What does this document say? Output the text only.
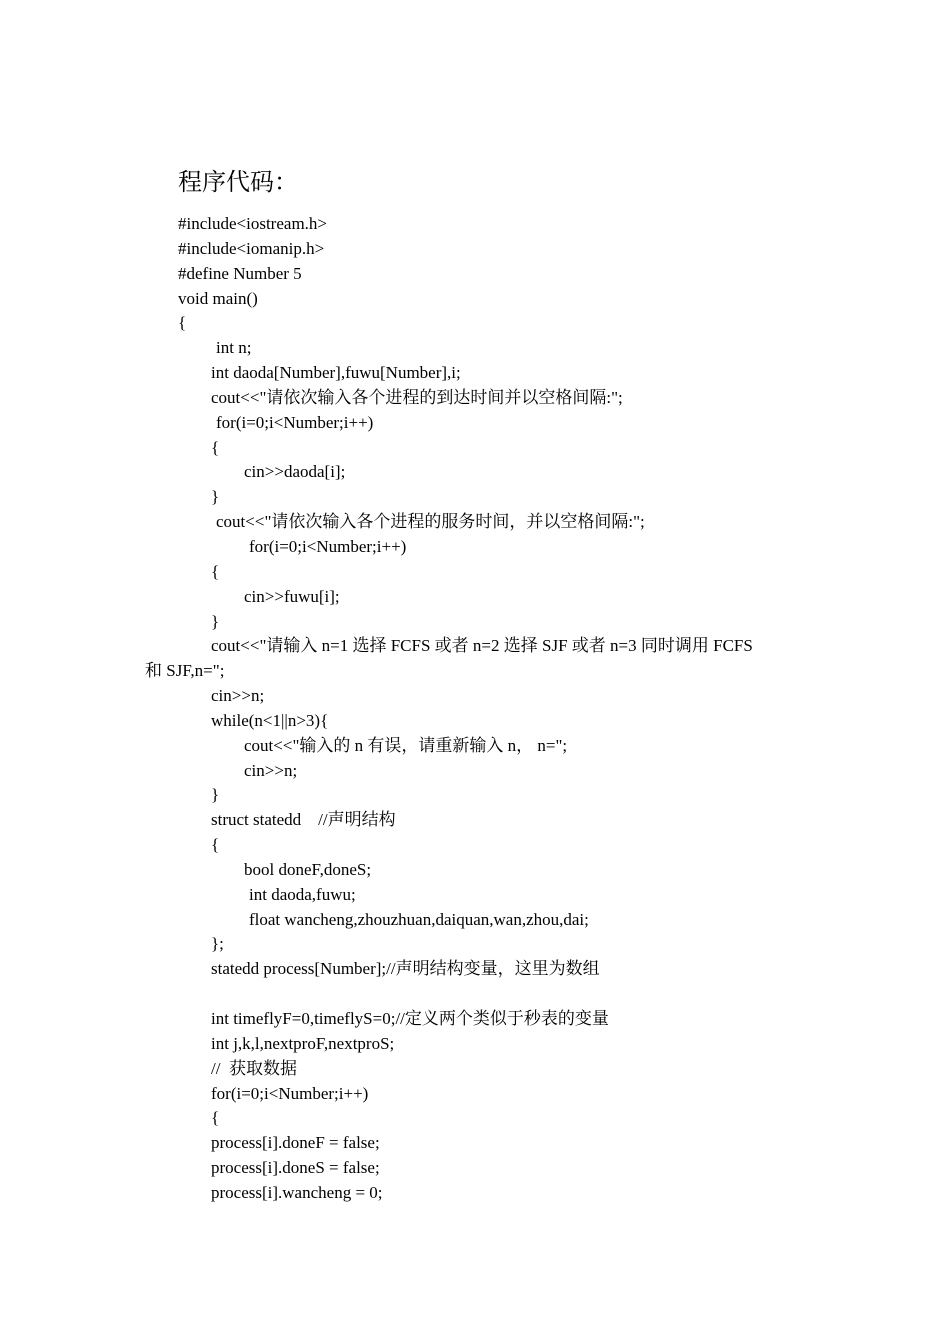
程序代码：
#include<iostream.h>
#include<iomanip.h>
#define Number 5
void main()
{
int n;
int daoda[Number],fuwu[Number],i;
cout<<"请依次输入各个进程的到达时间并以空格间隔:";
for(i=0;i<Number;i++)
{
cin>>daoda[i];
}
cout<<"请依次输入各个进程的服务时间，并以空格间隔:";
for(i=0;i<Number;i++)
{
cin>>fuwu[i];
}
cout<<"请输入 n=1 选择 FCFS 或者 n=2 选择 SJF 或者 n=3 同时调用 FCFS
和 SJF,n=";
cin>>n;
while(n<1||n>3){
cout<<"输入的 n 有误，请重新输入 n， n=";
cin>>n;
}
struct statedd    //声明结构
{
bool doneF,doneS;
int daoda,fuwu;
float wancheng,zhouzhuan,daiquan,wan,zhou,dai;
};
statedd process[Number];//声明结构变量，这里为数组
int timeflyF=0,timeflyS=0;//定义两个类似于秒表的变量
int j,k,l,nextproF,nextproS;
//  获取数据
for(i=0;i<Number;i++)
{
process[i].doneF = false;
process[i].doneS = false;
process[i].wancheng = 0;
